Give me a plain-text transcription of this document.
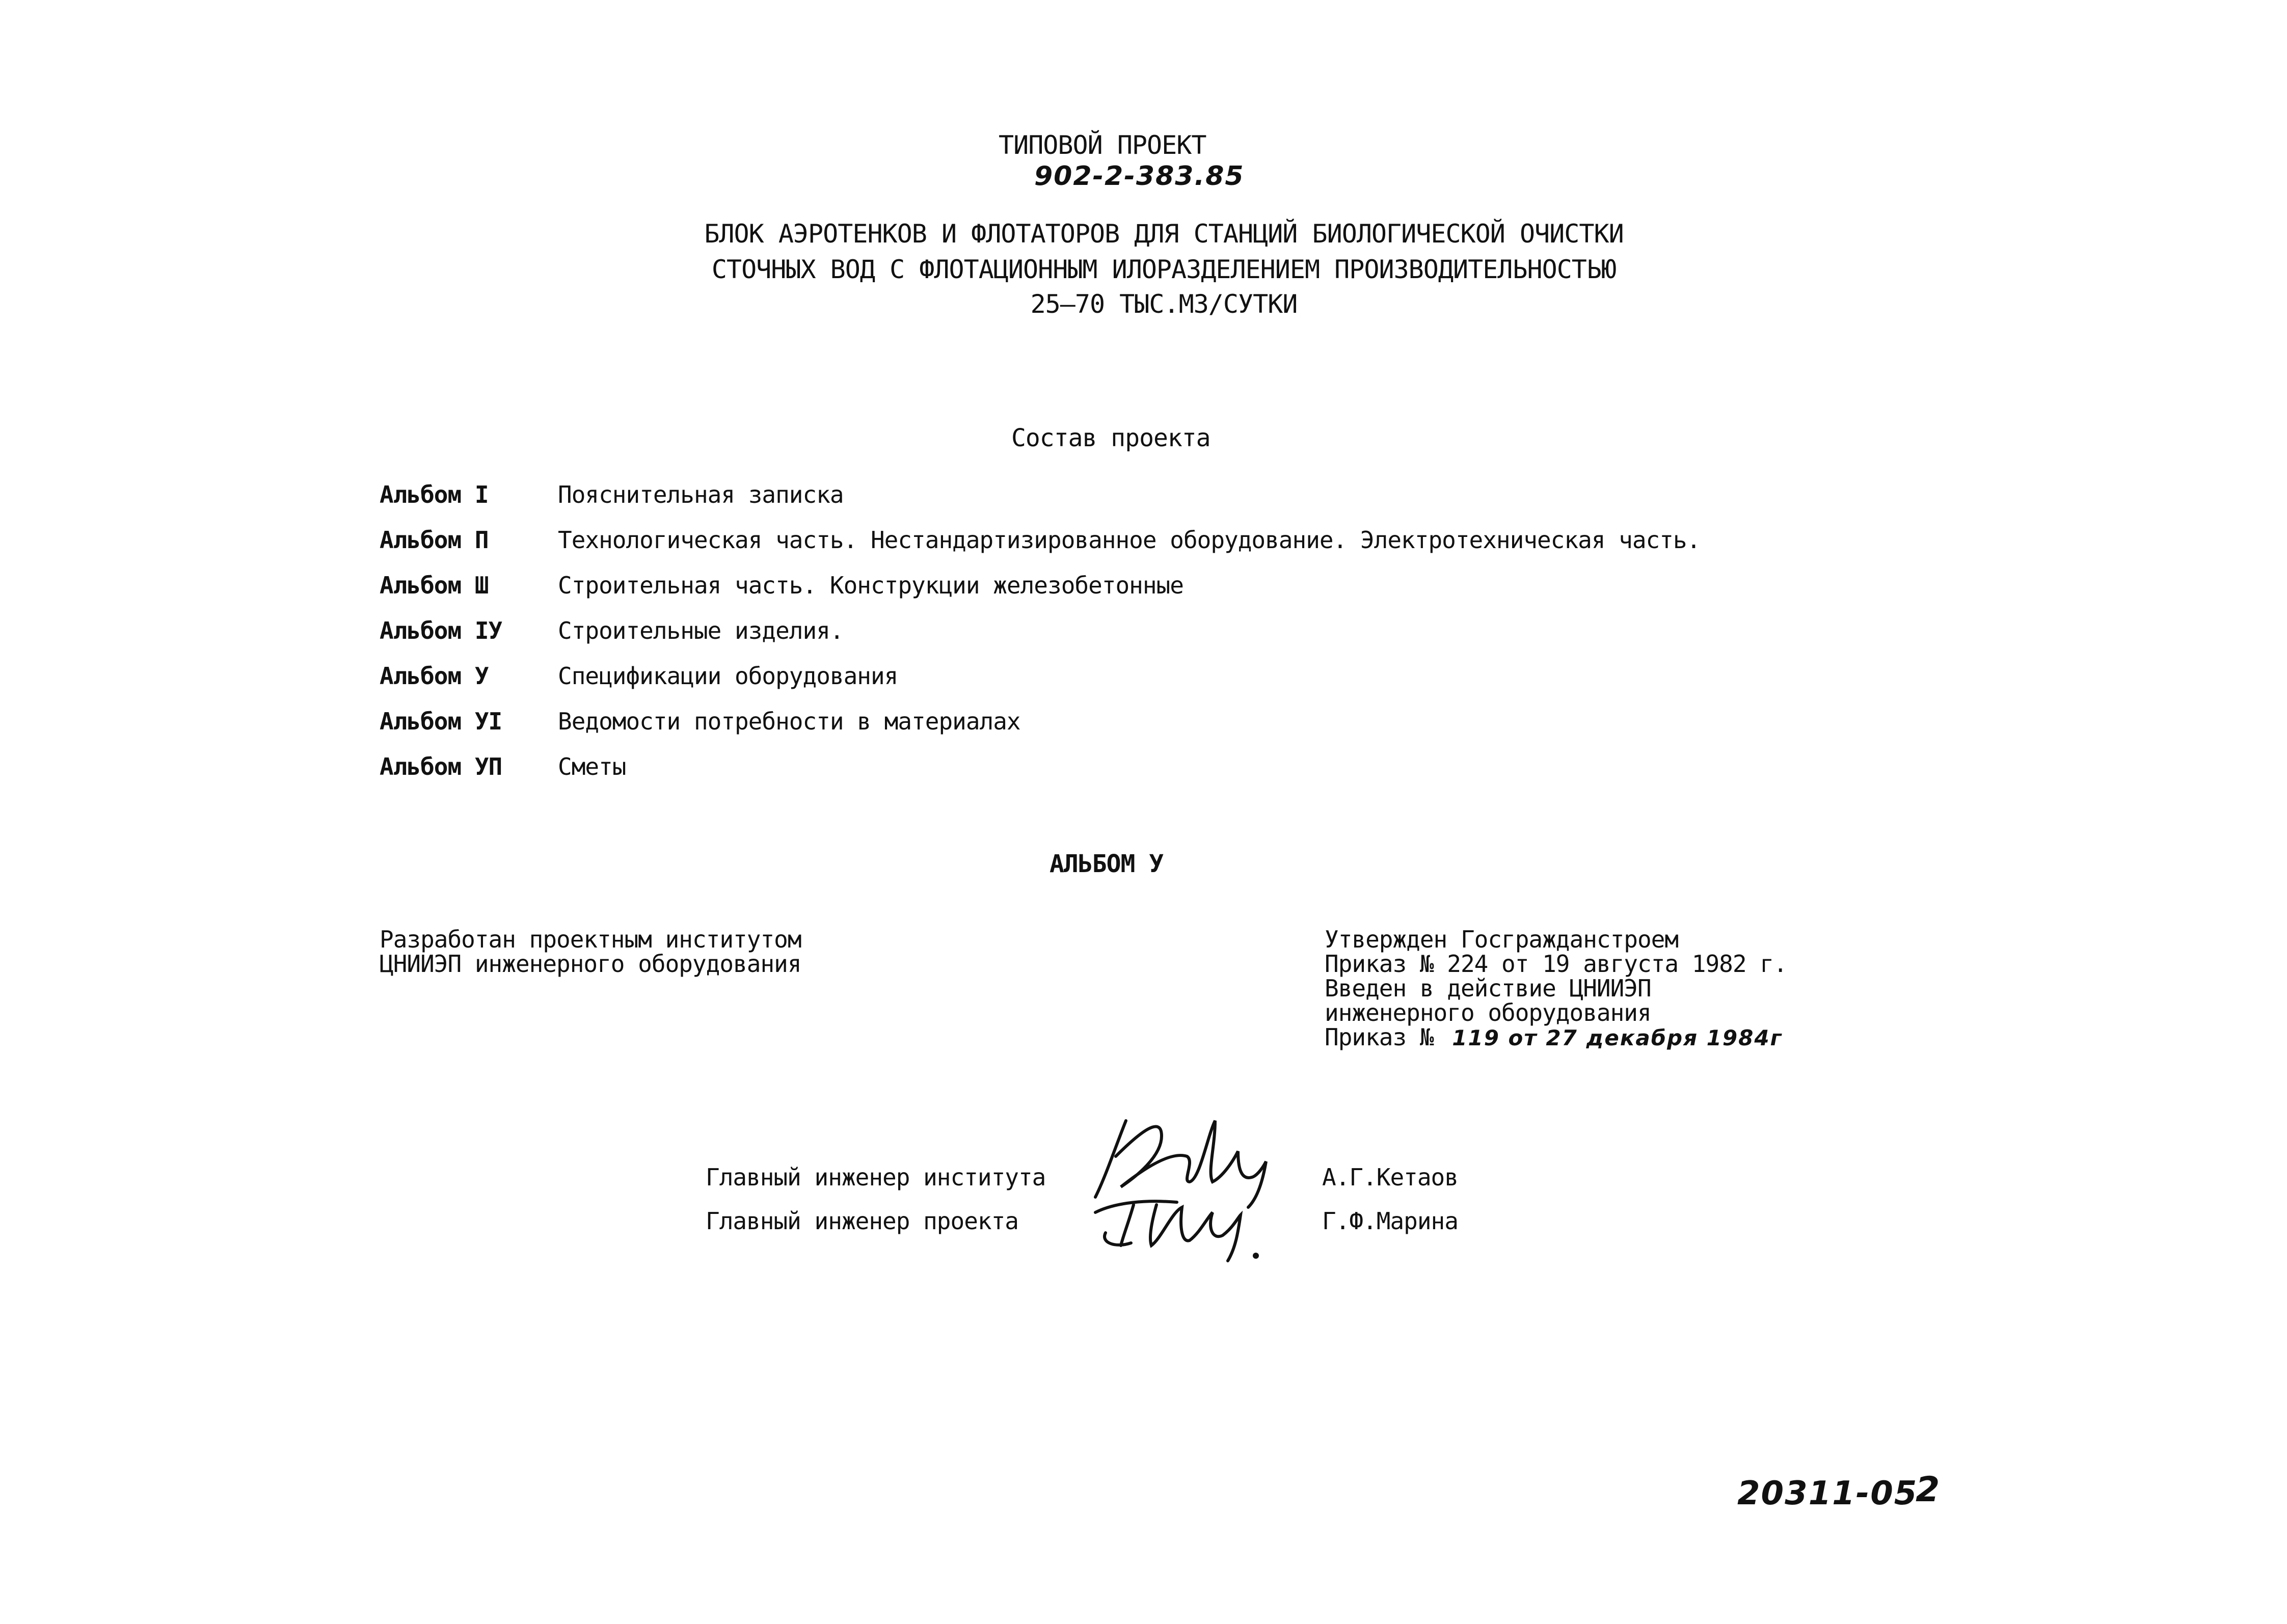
ТИПОВОЙ ПРОЕКТ
902-2-383.85
БЛОК АЭРОТЕНКОВ И ФЛОТАТОРОВ ДЛЯ СТАНЦИЙ БИОЛОГИЧЕСКОЙ ОЧИСТКИ
СТОЧНЫХ ВОД С ФЛОТАЦИОННЫМ ИЛОРАЗДЕЛЕНИЕМ ПРОИЗВОДИТЕЛЬНОСТЬЮ
25–70 ТЫС.М3/СУТКИ
Состав проекта
Альбом I	Пояснительная записка
Альбом П	Технологическая часть. Нестандартизированное оборудование. Электротехническая часть.
Альбом Ш	Строительная часть. Конструкции железобетонные
Альбом IУ Строительные изделия.
Альбом У	Спецификации оборудования
Альбом УI Ведомости потребности в материалах
Альбом УП Сметы
АЛЬБОМ У
Разработан проектным институтом
ЦНИИЭП инженерного оборудования
Утвержден Госгражданстроем
Приказ № 224 от 19 августа 1982 г.
Введен в действие ЦНИИЭП
инженерного оборудования
Приказ № 119 от 27 декабря 1984г
Главный инженер института	А.Г.Кетаов
Главный инженер проекта	Г.Ф.Марина
20311-05
2
